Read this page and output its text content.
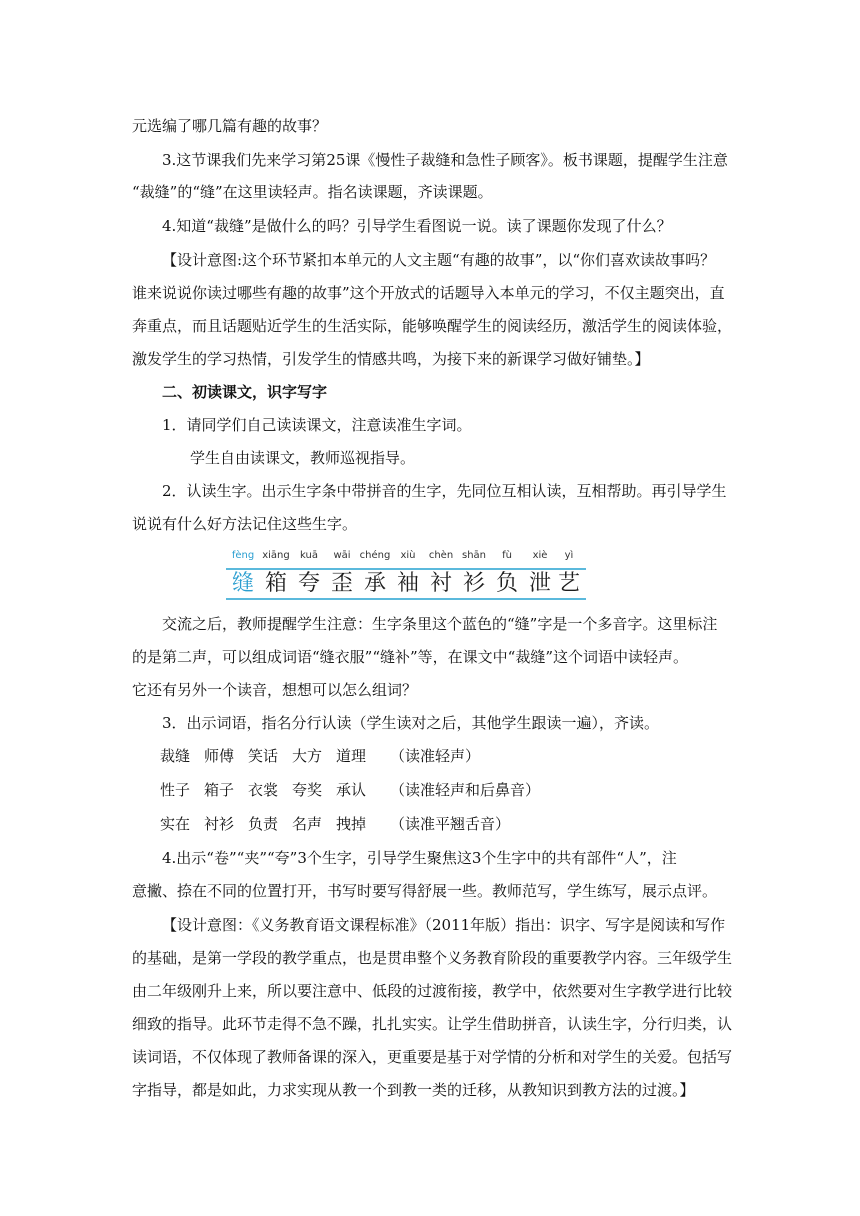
元选编了哪几篇有趣的故事？
3.这节课我们先来学习第25课《慢性子裁缝和急性子顾客》。板书课题，提醒学生注意
“裁缝”的“缝”在这里读轻声。指名读课题，齐读课题。
4.知道“裁缝”是做什么的吗？引导学生看图说一说。读了课题你发现了什么？
【设计意图:这个环节紧扣本单元的人文主题“有趣的故事”，以“你们喜欢读故事吗？
谁来说说你读过哪些有趣的故事”这个开放式的话题导入本单元的学习，不仅主题突出，直
奔重点，而且话题贴近学生的生活实际，能够唤醒学生的阅读经历，激活学生的阅读体验，
激发学生的学习热情，引发学生的情感共鸣，为接下来的新课学习做好铺垫。】
二、初读课文，识字写字
1．请同学们自己读读课文，注意读准生字词。
学生自由读课文，教师巡视指导。
2．认读生字。出示生字条中带拼音的生字，先同位互相认读，互相帮助。再引导学生
说说有什么好方法记住这些生字。
fèng
缝
xiāng
箱
kuā
夸
wāi
歪
chéng
承
xiù
袖
chèn
衬
shān
衫
fù
负
xiè
泄
yì
艺
交流之后，教师提醒学生注意：生字条里这个蓝色的“缝”字是一个多音字。这里标注
的是第二声，可以组成词语“缝衣服”“缝补”等，在课文中“裁缝”这个词语中读轻声。
它还有另外一个读音，想想可以怎么组词？
3．出示词语，指名分行认读（学生读对之后，其他学生跟读一遍），齐读。
裁缝 师傅 笑话 大方 道理 （读准轻声）
性子 箱子 衣裳 夸奖 承认 （读准轻声和后鼻音）
实在 衬衫 负责 名声 拽掉 （读准平翘舌音）
4.出示“卷”“夹”“夸”3个生字，引导学生聚焦这3个生字中的共有部件“人”，注
意撇、捺在不同的位置打开，书写时要写得舒展一些。教师范写，学生练写，展示点评。
【设计意图：《义务教育语文课程标准》（2011年版）指出：识字、写字是阅读和写作
的基础，是第一学段的教学重点，也是贯串整个义务教育阶段的重要教学内容。三年级学生
由二年级刚升上来，所以要注意中、低段的过渡衔接，教学中，依然要对生字教学进行比较
细致的指导。此环节走得不急不躁，扎扎实实。让学生借助拼音，认读生字，分行归类，认
读词语，不仅体现了教师备课的深入，更重要是基于对学情的分析和对学生的关爱。包括写
字指导，都是如此，力求实现从教一个到教一类的迁移，从教知识到教方法的过渡。】
